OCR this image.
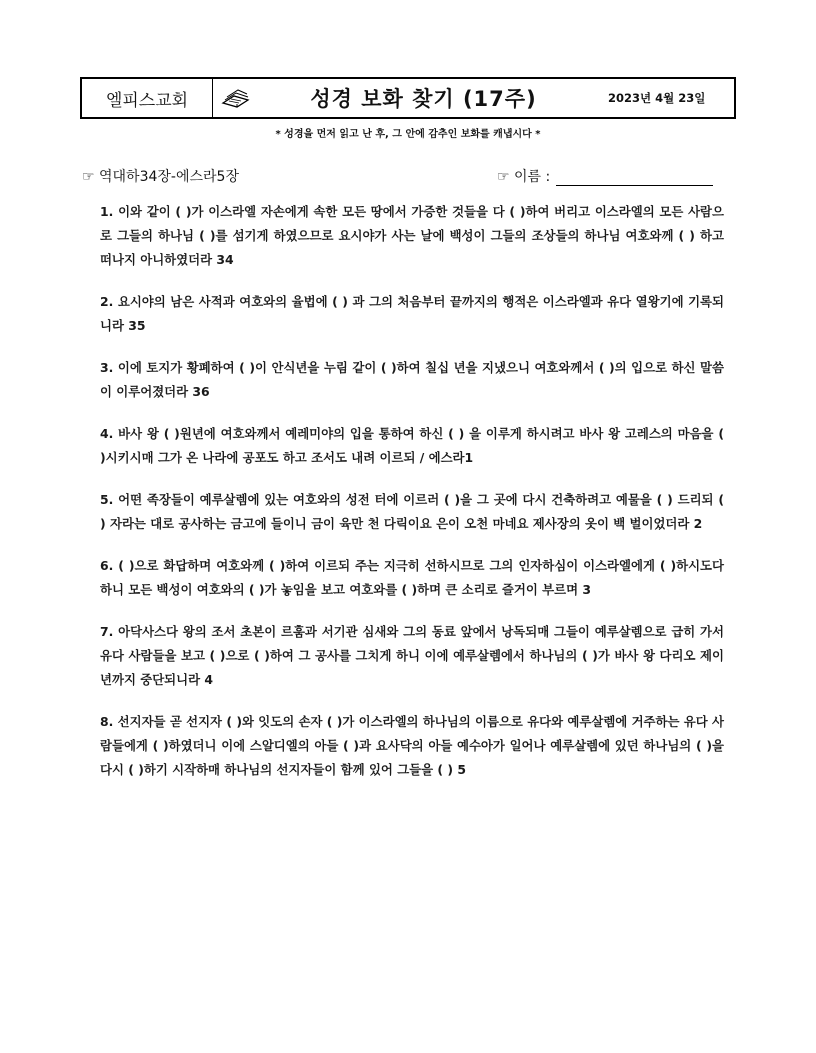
엘피스교회	성경 보화 찾기 (17주)	2023년 4월 23일
* 성경을 먼저 읽고 난 후, 그 안에 감추인 보화를 캐냅시다 *
☞ 역대하34장-에스라5장	☞ 이름 :
1. 이와 같이 ( )가 이스라엘 자손에게 속한 모든 땅에서 가증한 것들을 다 ( )하여 버리고 이스라엘의 모든 사람으로 그들의 하나님 ( )를 섬기게 하였으므로 요시야가 사는 날에 백성이 그들의 조상들의 하나님 여호와께 ( ) 하고 떠나지 아니하였더라 34
2. 요시야의 남은 사적과 여호와의 율법에 ( ) 과 그의 처음부터 끝까지의 행적은 이스라엘과 유다 열왕기에 기록되니라 35
3. 이에 토지가 황폐하여 ( )이 안식년을 누림 같이 ( )하여 칠십 년을 지냈으니 여호와께서 ( )의 입으로 하신 말씀이 이루어졌더라 36
4. 바사 왕 ( )원년에 여호와께서 예레미야의 입을 통하여 하신 ( ) 을 이루게 하시려고 바사 왕 고레스의 마음을 ( )시키시매 그가 온 나라에 공포도 하고 조서도 내려 이르되 / 에스라1
5. 어떤 족장들이 예루살렘에 있는 여호와의 성전 터에 이르러 ( )을 그 곳에 다시 건축하려고 예물을 ( ) 드리되 ( ) 자라는 대로 공사하는 금고에 들이니 금이 육만 천 다릭이요 은이 오천 마네요 제사장의 옷이 백 벌이었더라 2
6. ( )으로 화답하며 여호와께 ( )하여 이르되 주는 지극히 선하시므로 그의 인자하심이 이스라엘에게 ( )하시도다 하니 모든 백성이 여호와의 ( )가 놓임을 보고 여호와를 ( )하며 큰 소리로 즐거이 부르며 3
7. 아닥사스다 왕의 조서 초본이 르훔과 서기관 심새와 그의 동료 앞에서 낭독되매 그들이 예루살렘으로 급히 가서 유다 사람들을 보고 ( )으로 ( )하여 그 공사를 그치게 하니 이에 예루살렘에서 하나님의 ( )가 바사 왕 다리오 제이년까지 중단되니라 4
8. 선지자들 곧 선지자 ( )와 잇도의 손자 ( )가 이스라엘의 하나님의 이름으로 유다와 예루살렘에 거주하는 유다 사람들에게 ( )하였더니 이에 스알디엘의 아들 ( )과 요사닥의 아들 예수아가 일어나 예루살렘에 있던 하나님의 ( )을 다시 ( )하기 시작하매 하나님의 선지자들이 함께 있어 그들을 ( ) 5
